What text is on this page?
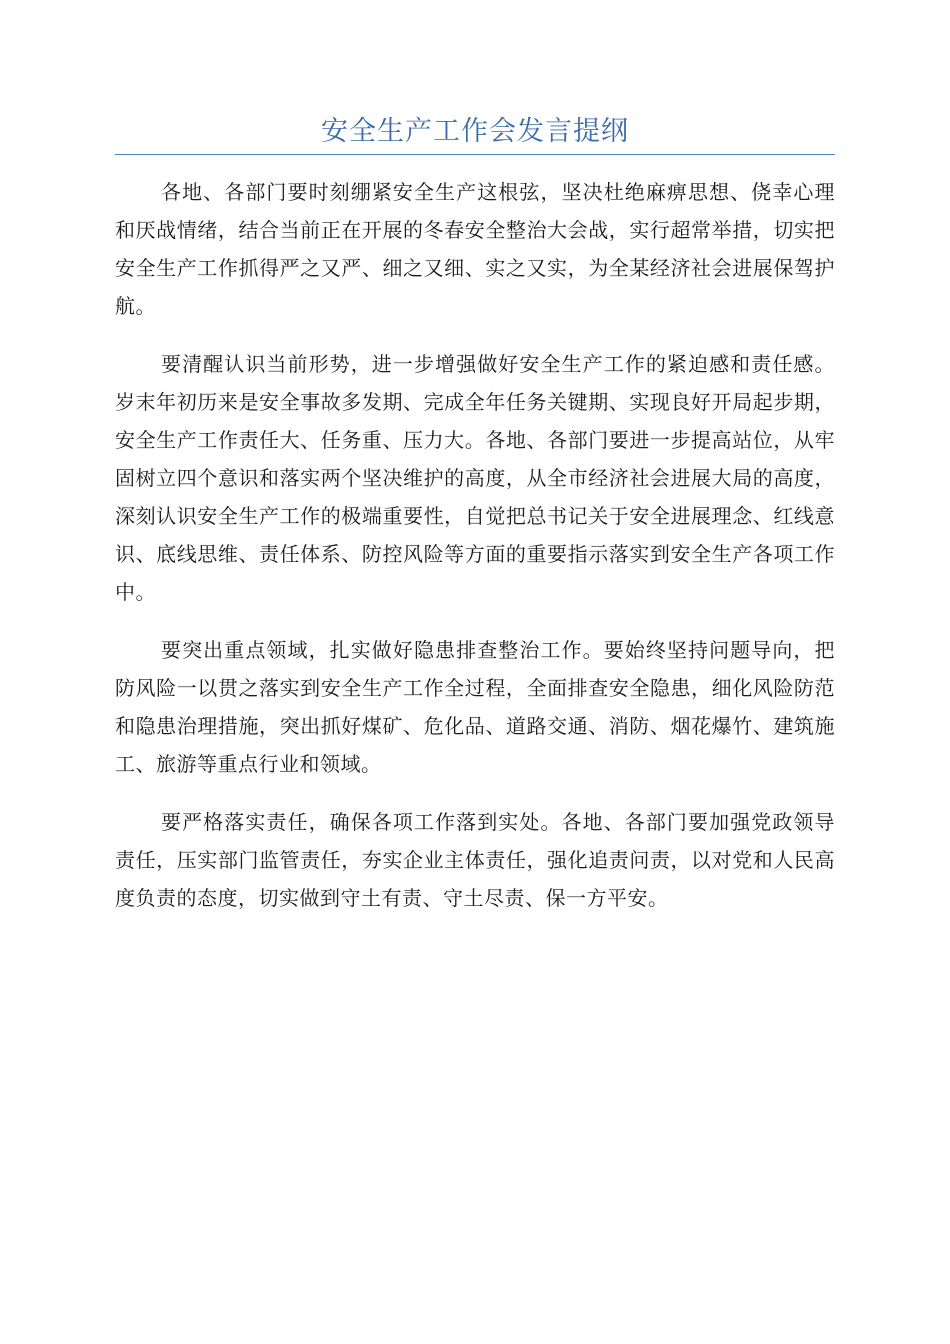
安全生产工作会发言提纲

各地、各部门要时刻绷紧安全生产这根弦，坚决杜绝麻痹思想、侥幸心理和厌战情绪，结合当前正在开展的冬春安全整治大会战，实行超常举措，切实把安全生产工作抓得严之又严、细之又细、实之又实，为全某经济社会进展保驾护航。

要清醒认识当前形势，进一步增强做好安全生产工作的紧迫感和责任感。岁末年初历来是安全事故多发期、完成全年任务关键期、实现良好开局起步期，安全生产工作责任大、任务重、压力大。各地、各部门要进一步提高站位，从牢固树立四个意识和落实两个坚决维护的高度，从全市经济社会进展大局的高度，深刻认识安全生产工作的极端重要性，自觉把总书记关于安全进展理念、红线意识、底线思维、责任体系、防控风险等方面的重要指示落实到安全生产各项工作中。

要突出重点领域，扎实做好隐患排查整治工作。要始终坚持问题导向，把防风险一以贯之落实到安全生产工作全过程，全面排查安全隐患，细化风险防范和隐患治理措施，突出抓好煤矿、危化品、道路交通、消防、烟花爆竹、建筑施工、旅游等重点行业和领域。

要严格落实责任，确保各项工作落到实处。各地、各部门要加强党政领导责任，压实部门监管责任，夯实企业主体责任，强化追责问责，以对党和人民高度负责的态度，切实做到守土有责、守土尽责、保一方平安。
